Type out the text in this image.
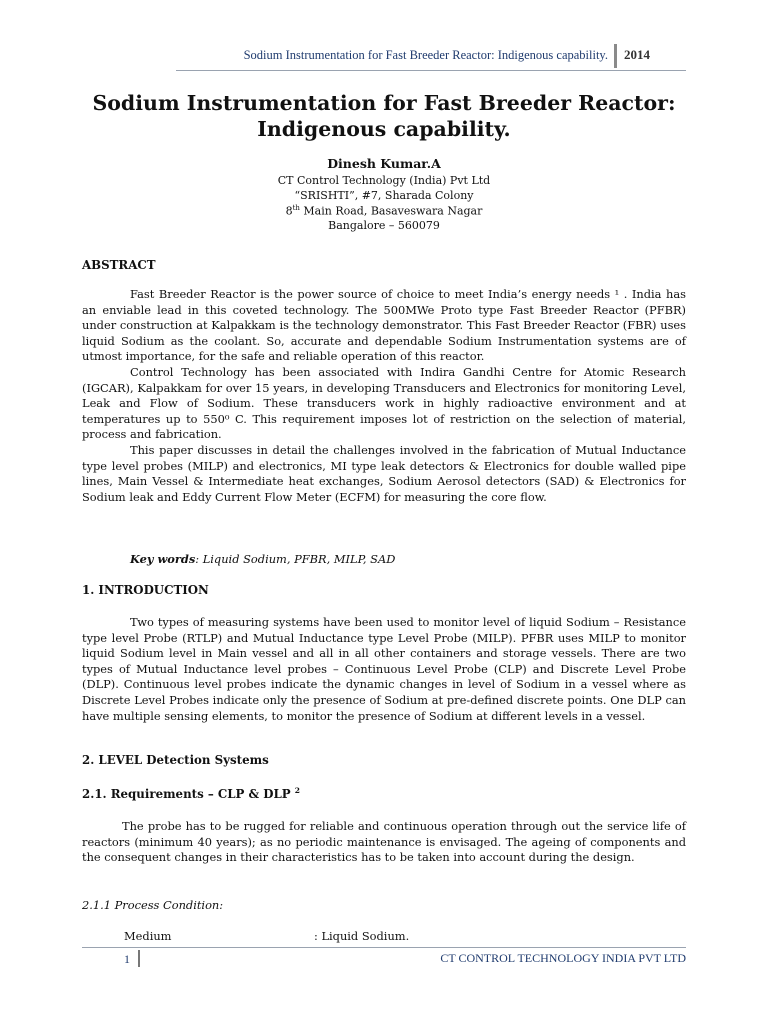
Sodium Instrumentation for Fast Breeder Reactor: Indigenous capability. 2014
Sodium Instrumentation for Fast Breeder Reactor:
Indigenous capability.
Dinesh Kumar.A
CT Control Technology (India) Pvt Ltd
“SRISHTI”, #7, Sharada Colony
8th Main Road, Basaveswara Nagar
Bangalore – 560079
ABSTRACT

Fast Breeder Reactor is the power source of choice to meet India’s energy needs ¹ . India has an enviable lead in this coveted technology. The 500MWe Proto type Fast Breeder Reactor (PFBR) under construction at Kalpakkam is the technology demonstrator. This Fast Breeder Reactor (FBR) uses liquid Sodium as the coolant. So, accurate and dependable Sodium Instrumentation systems are of utmost importance, for the safe and reliable operation of this reactor.

Control Technology has been associated with Indira Gandhi Centre for Atomic Research (IGCAR), Kalpakkam for over 15 years, in developing Transducers and Electronics for monitoring Level, Leak and Flow of Sodium. These transducers work in highly radioactive environment and at temperatures up to 550⁰ C. This requirement imposes lot of restriction on the selection of material, process and fabrication.

This paper discusses in detail the challenges involved in the fabrication of Mutual Inductance type level probes (MILP) and electronics, MI type leak detectors & Electronics for double walled pipe lines, Main Vessel & Intermediate heat exchanges, Sodium Aerosol detectors (SAD) & Electronics for Sodium leak and Eddy Current Flow Meter (ECFM) for measuring the core flow.

Key words: Liquid Sodium, PFBR, MILP, SAD
1. INTRODUCTION

Two types of measuring systems have been used to monitor level of liquid Sodium – Resistance type level Probe (RTLP) and Mutual Inductance type Level Probe (MILP). PFBR uses MILP to monitor liquid Sodium level in Main vessel and all in all other containers and storage vessels. There are two types of Mutual Inductance level probes – Continuous Level Probe (CLP) and Discrete Level Probe (DLP). Continuous level probes indicate the dynamic changes in level of Sodium in a vessel where as Discrete Level Probes indicate only the presence of Sodium at pre-defined discrete points. One DLP can have multiple sensing elements, to monitor the presence of Sodium at different levels in a vessel.

2. LEVEL Detection Systems
2.1. Requirements – CLP & DLP $^2$

The probe has to be rugged for reliable and continuous operation through out the service life of reactors (minimum 40 years); as no periodic maintenance is envisaged. The ageing of components and the consequent changes in their characteristics has to be taken into account during the design.

2.1.1 Process Condition:
Medium	: Liquid Sodium.
1	CT CONTROL TECHNOLOGY INDIA PVT LTD
